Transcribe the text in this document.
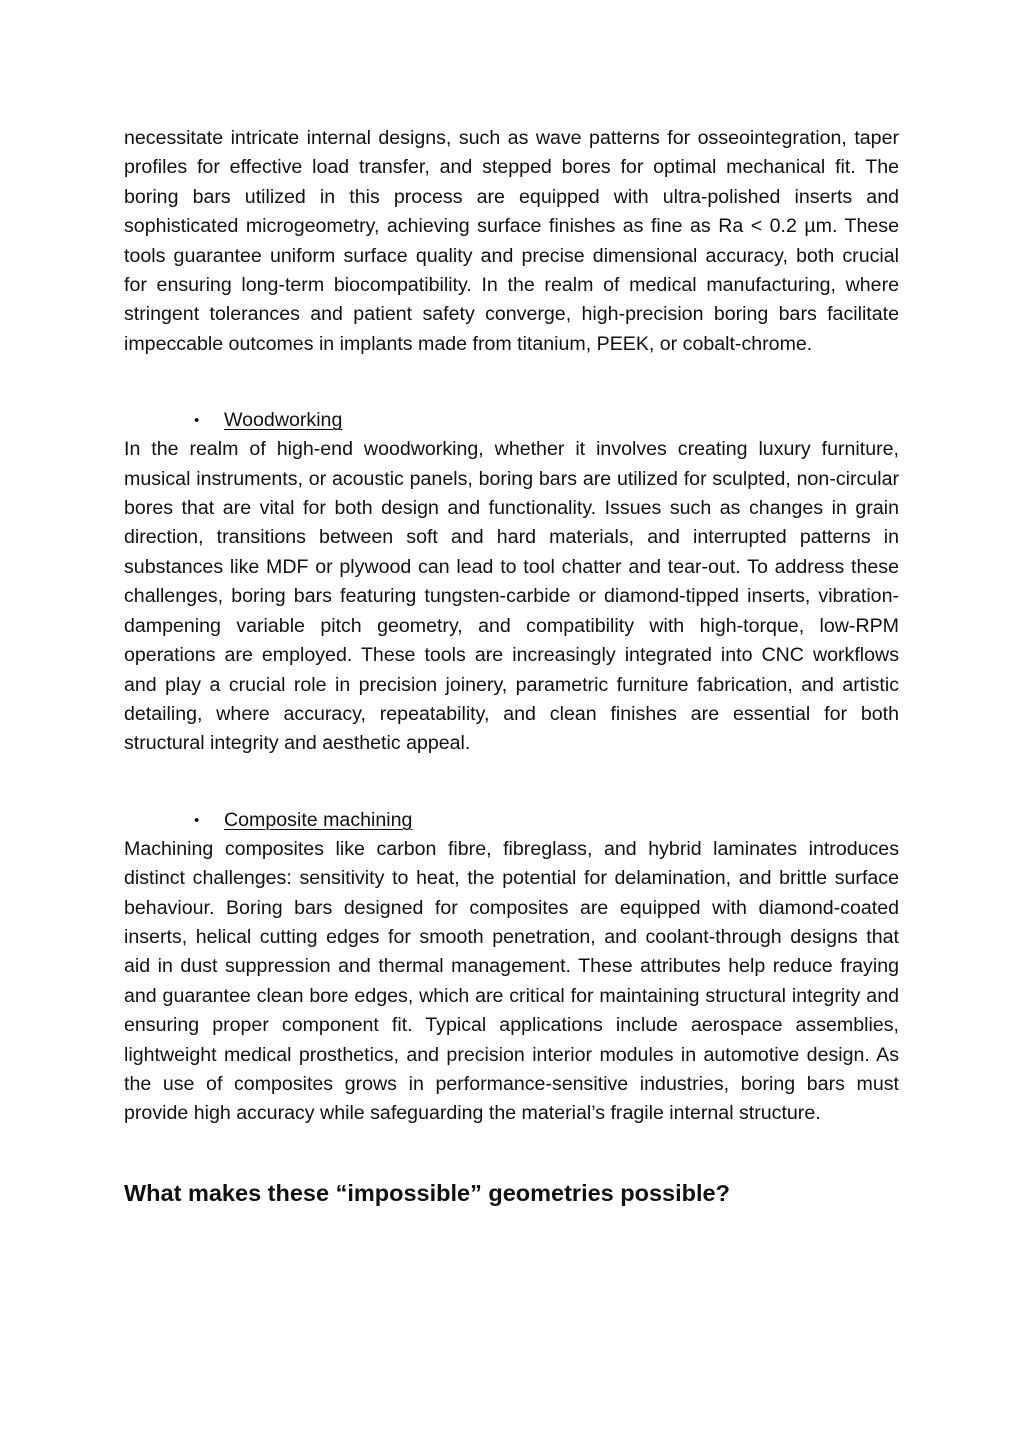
necessitate intricate internal designs, such as wave patterns for osseointegration, taper profiles for effective load transfer, and stepped bores for optimal mechanical fit. The boring bars utilized in this process are equipped with ultra-polished inserts and sophisticated microgeometry, achieving surface finishes as fine as Ra < 0.2 µm. These tools guarantee uniform surface quality and precise dimensional accuracy, both crucial for ensuring long-term biocompatibility. In the realm of medical manufacturing, where stringent tolerances and patient safety converge, high-precision boring bars facilitate impeccable outcomes in implants made from titanium, PEEK, or cobalt-chrome.

• Woodworking

In the realm of high-end woodworking, whether it involves creating luxury furniture, musical instruments, or acoustic panels, boring bars are utilized for sculpted, non-circular bores that are vital for both design and functionality. Issues such as changes in grain direction, transitions between soft and hard materials, and interrupted patterns in substances like MDF or plywood can lead to tool chatter and tear-out. To address these challenges, boring bars featuring tungsten-carbide or diamond-tipped inserts, vibration-dampening variable pitch geometry, and compatibility with high-torque, low-RPM operations are employed. These tools are increasingly integrated into CNC workflows and play a crucial role in precision joinery, parametric furniture fabrication, and artistic detailing, where accuracy, repeatability, and clean finishes are essential for both structural integrity and aesthetic appeal.

• Composite machining

Machining composites like carbon fibre, fibreglass, and hybrid laminates introduces distinct challenges: sensitivity to heat, the potential for delamination, and brittle surface behaviour. Boring bars designed for composites are equipped with diamond-coated inserts, helical cutting edges for smooth penetration, and coolant-through designs that aid in dust suppression and thermal management. These attributes help reduce fraying and guarantee clean bore edges, which are critical for maintaining structural integrity and ensuring proper component fit. Typical applications include aerospace assemblies, lightweight medical prosthetics, and precision interior modules in automotive design. As the use of composites grows in performance-sensitive industries, boring bars must provide high accuracy while safeguarding the material’s fragile internal structure.

What makes these “impossible” geometries possible?
